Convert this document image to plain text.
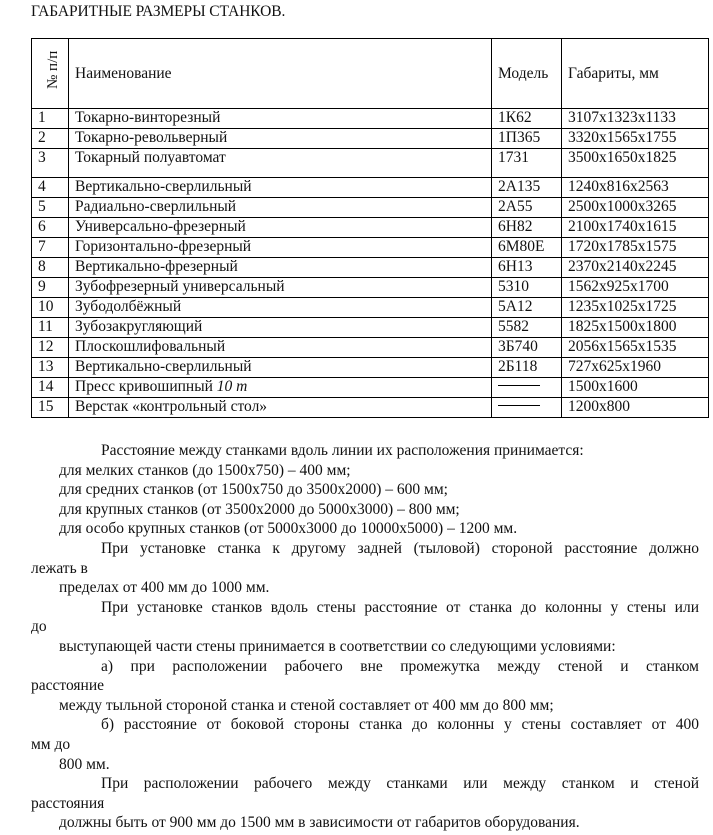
ГАБАРИТНЫЕ РАЗМЕРЫ СТАНКОВ.
№ п/п	Наименование	Модель	Габариты, мм
1	Токарно-винторезный	1К62	3107x1323x1133
2	Токарно-револьверный	1П365	3320x1565x1755
3	Токарный полуавтомат	1731	3500x1650x1825
4	Вертикально-сверлильный	2А135	1240x816x2563
5	Радиально-сверлильный	2А55	2500x1000x3265
6	Универсально-фрезерный	6Н82	2100x1740x1615
7	Горизонтально-фрезерный	6М80Е	1720x1785x1575
8	Вертикально-фрезерный	6Н13	2370x2140x2245
9	Зубофрезерный универсальный	5310	1562x925x1700
10	Зубодолбёжный	5А12	1235x1025x1725
11	Зубозакругляющий	5582	1825x1500x1800
12	Плоскошлифовальный	3Б740	2056x1565x1535
13	Вертикально-сверлильный	2Б118	727x625x1960
14	Пресс кривошипный 10 т		1500x1600
15	Верстак «контрольный стол»		1200x800

Расстояние между станками вдоль линии их расположения принимается:

для мелких станков (до 1500x750) – 400 мм;

для средних станков (от 1500x750 до 3500x2000) – 600 мм;

для крупных станков (от 3500x2000 до 5000x3000) – 800 мм;

для особо крупных станков (от 5000x3000 до 10000x5000) – 1200 мм.

При установке станка к другому задней (тыловой) стороной расстояние должно

лежать в

пределах от 400 мм до 1000 мм.

При установке станков вдоль стены расстояние от станка до колонны у стены или

до

выступающей части стены принимается в соответствии со следующими условиями:

а) при расположении рабочего вне промежутка между стеной и станком

расстояние

между тыльной стороной станка и стеной составляет от 400 мм до 800 мм;

б) расстояние от боковой стороны станка до колонны у стены составляет от 400

мм до

800 мм.

При расположении рабочего между станками или между станком и стеной

расстояния

должны быть от 900 мм до 1500 мм в зависимости от габаритов оборудования.
